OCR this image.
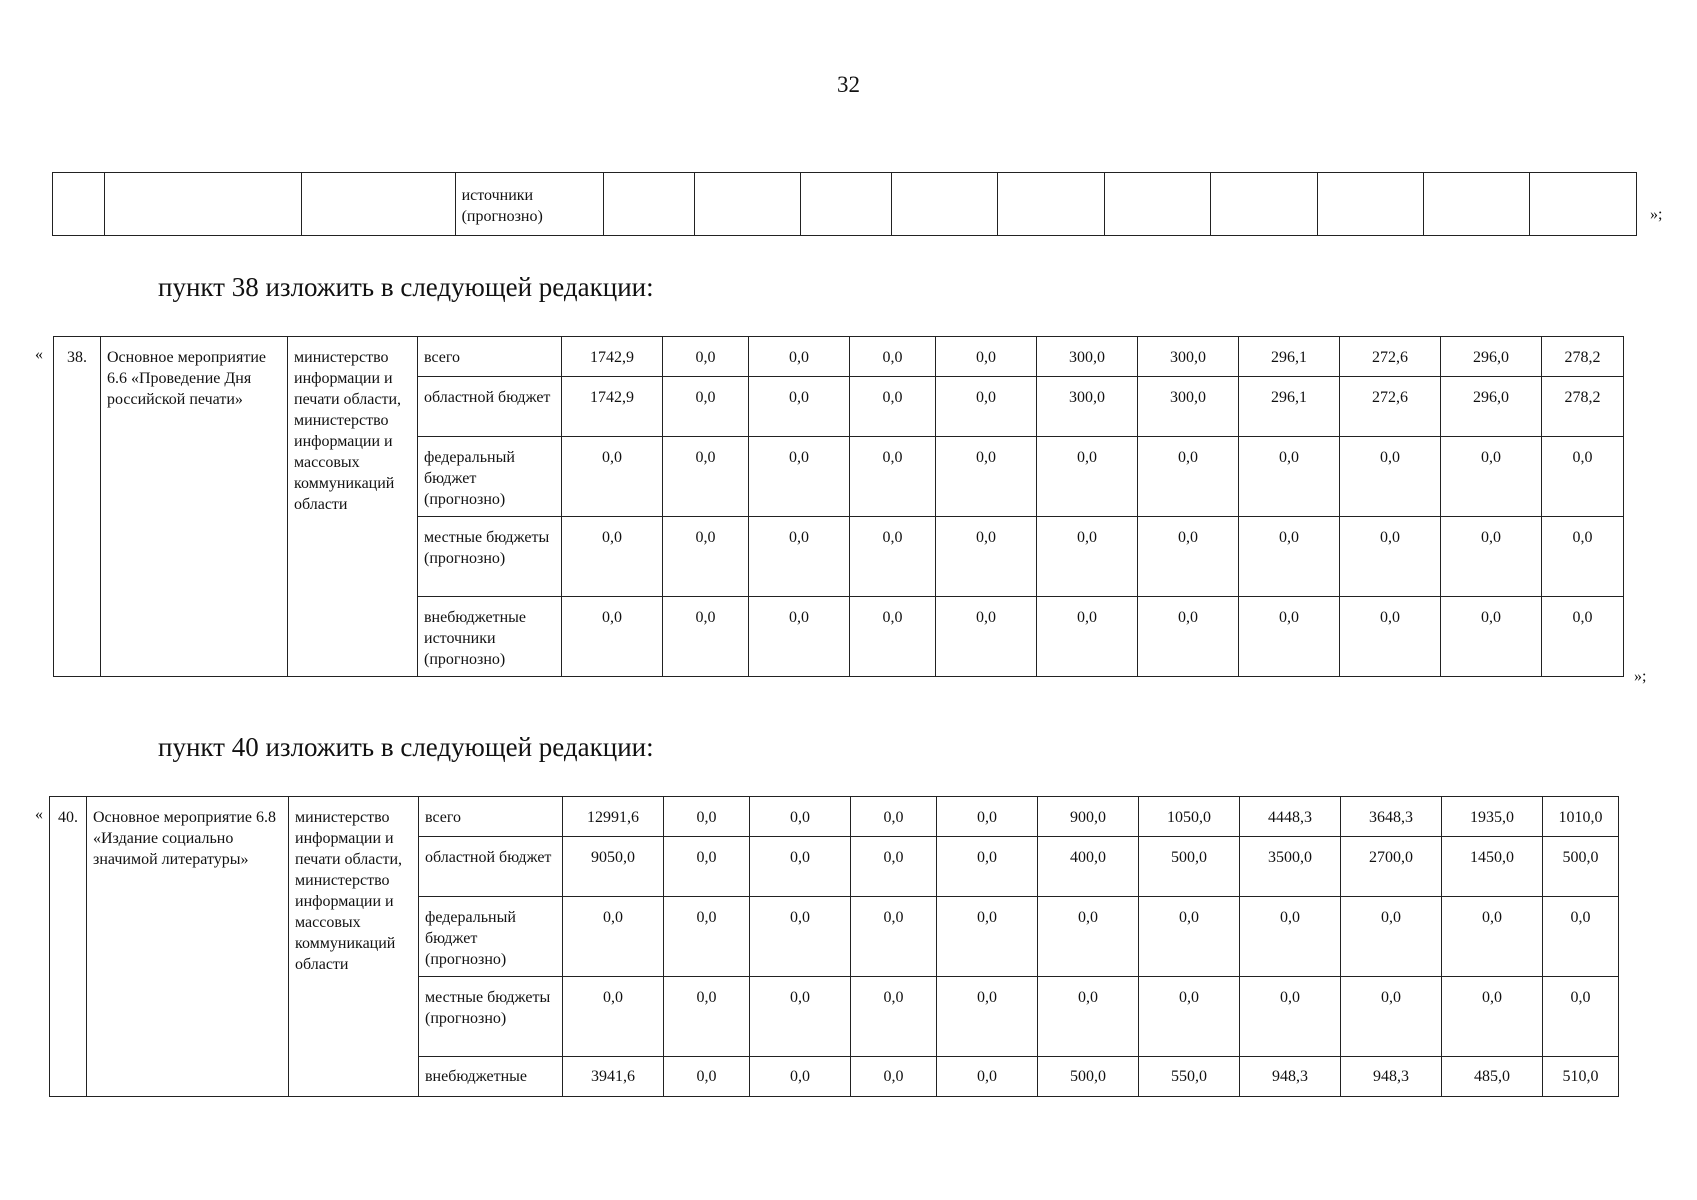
32
			источники
(прогнозно)											»;
пункт 38 изложить в следующей редакции:
« 38.	Основное мероприятие 6.6 «Проведение Дня российской печати»	министерство информации и печати области, министерство информации и массовых коммуникаций области	всего	1742,9	0,0	0,0	0,0	0,0	300,0	300,0	296,1	272,6	296,0	278,2
			областной бюджет	1742,9	0,0	0,0	0,0	0,0	300,0	300,0	296,1	272,6	296,0	278,2
			федеральный бюджет (прогнозно)	0,0	0,0	0,0	0,0	0,0	0,0	0,0	0,0	0,0	0,0	0,0
			местные бюджеты (прогнозно)	0,0	0,0	0,0	0,0	0,0	0,0	0,0	0,0	0,0	0,0	0,0
			внебюджетные источники (прогнозно)	0,0	0,0	0,0	0,0	0,0	0,0	0,0	0,0	0,0	0,0	0,0
»;
пункт 40 изложить в следующей редакции:
« 40.	Основное мероприятие 6.8 «Издание социально значимой литературы»	министерство информации и печати области, министерство информации и массовых коммуникаций области	всего	12991,6	0,0	0,0	0,0	0,0	900,0	1050,0	4448,3	3648,3	1935,0	1010,0
			областной бюджет	9050,0	0,0	0,0	0,0	0,0	400,0	500,0	3500,0	2700,0	1450,0	500,0
			федеральный бюджет (прогнозно)	0,0	0,0	0,0	0,0	0,0	0,0	0,0	0,0	0,0	0,0	0,0
			местные бюджеты (прогнозно)	0,0	0,0	0,0	0,0	0,0	0,0	0,0	0,0	0,0	0,0	0,0
			внебюджетные	3941,6	0,0	0,0	0,0	0,0	500,0	550,0	948,3	948,3	485,0	510,0
